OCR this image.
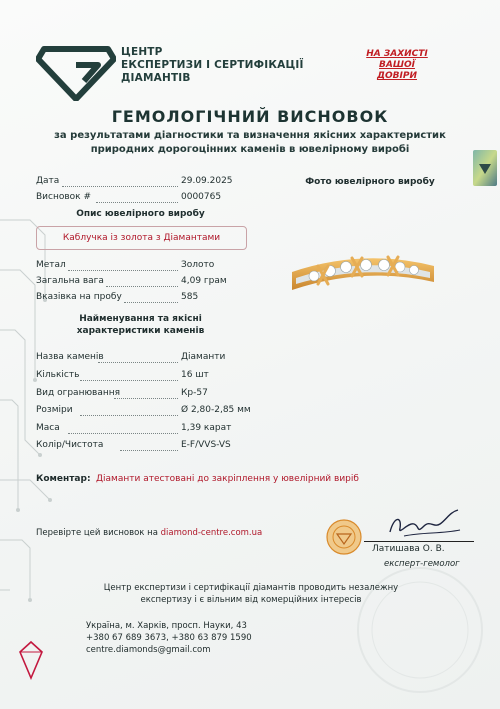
ЦЕНТР
ЕКСПЕРТИЗИ І СЕРТИФІКАЦІЇ
ДІАМАНТІВ
НА ЗАХИСТІ
ВАШОЇ
ДОВІРИ
ГЕМОЛОГІЧНИЙ ВИСНОВОК
за результатами діагностики та визначення якісних характеристик
природних дорогоцінних каменів в ювелірному виробі
Дата	29.09.2025
Висновок #	0000765
Фото ювелірного виробу
Опис ювелірного виробу
Каблучка із золота з Діамантами
Метал	Золото
Загальна вага	4,09 грам
Вказівка на пробу	585
Найменування та якісні
характеристики каменів
Назва каменів	Діаманти
Кількість	16 шт
Вид огранювання	Кр-57
Розміри	Ø 2,80-2,85 мм
Маса	1,39 карат
Колір/Чистота	E-F/VVS-VS
Коментар: Діаманти атестовані до закріплення у ювелірний виріб
Перевірте цей висновок на diamond-centre.com.ua
Латишава О. В.
експерт-гемолог
Центр експертизи і сертифікації діамантів проводить незалежну
експертизу і є вільним від комерційних інтересів
Україна, м. Харків, просп. Науки, 43
+380 67 689 3673, +380 63 879 1590
centre.diamonds@gmail.com
